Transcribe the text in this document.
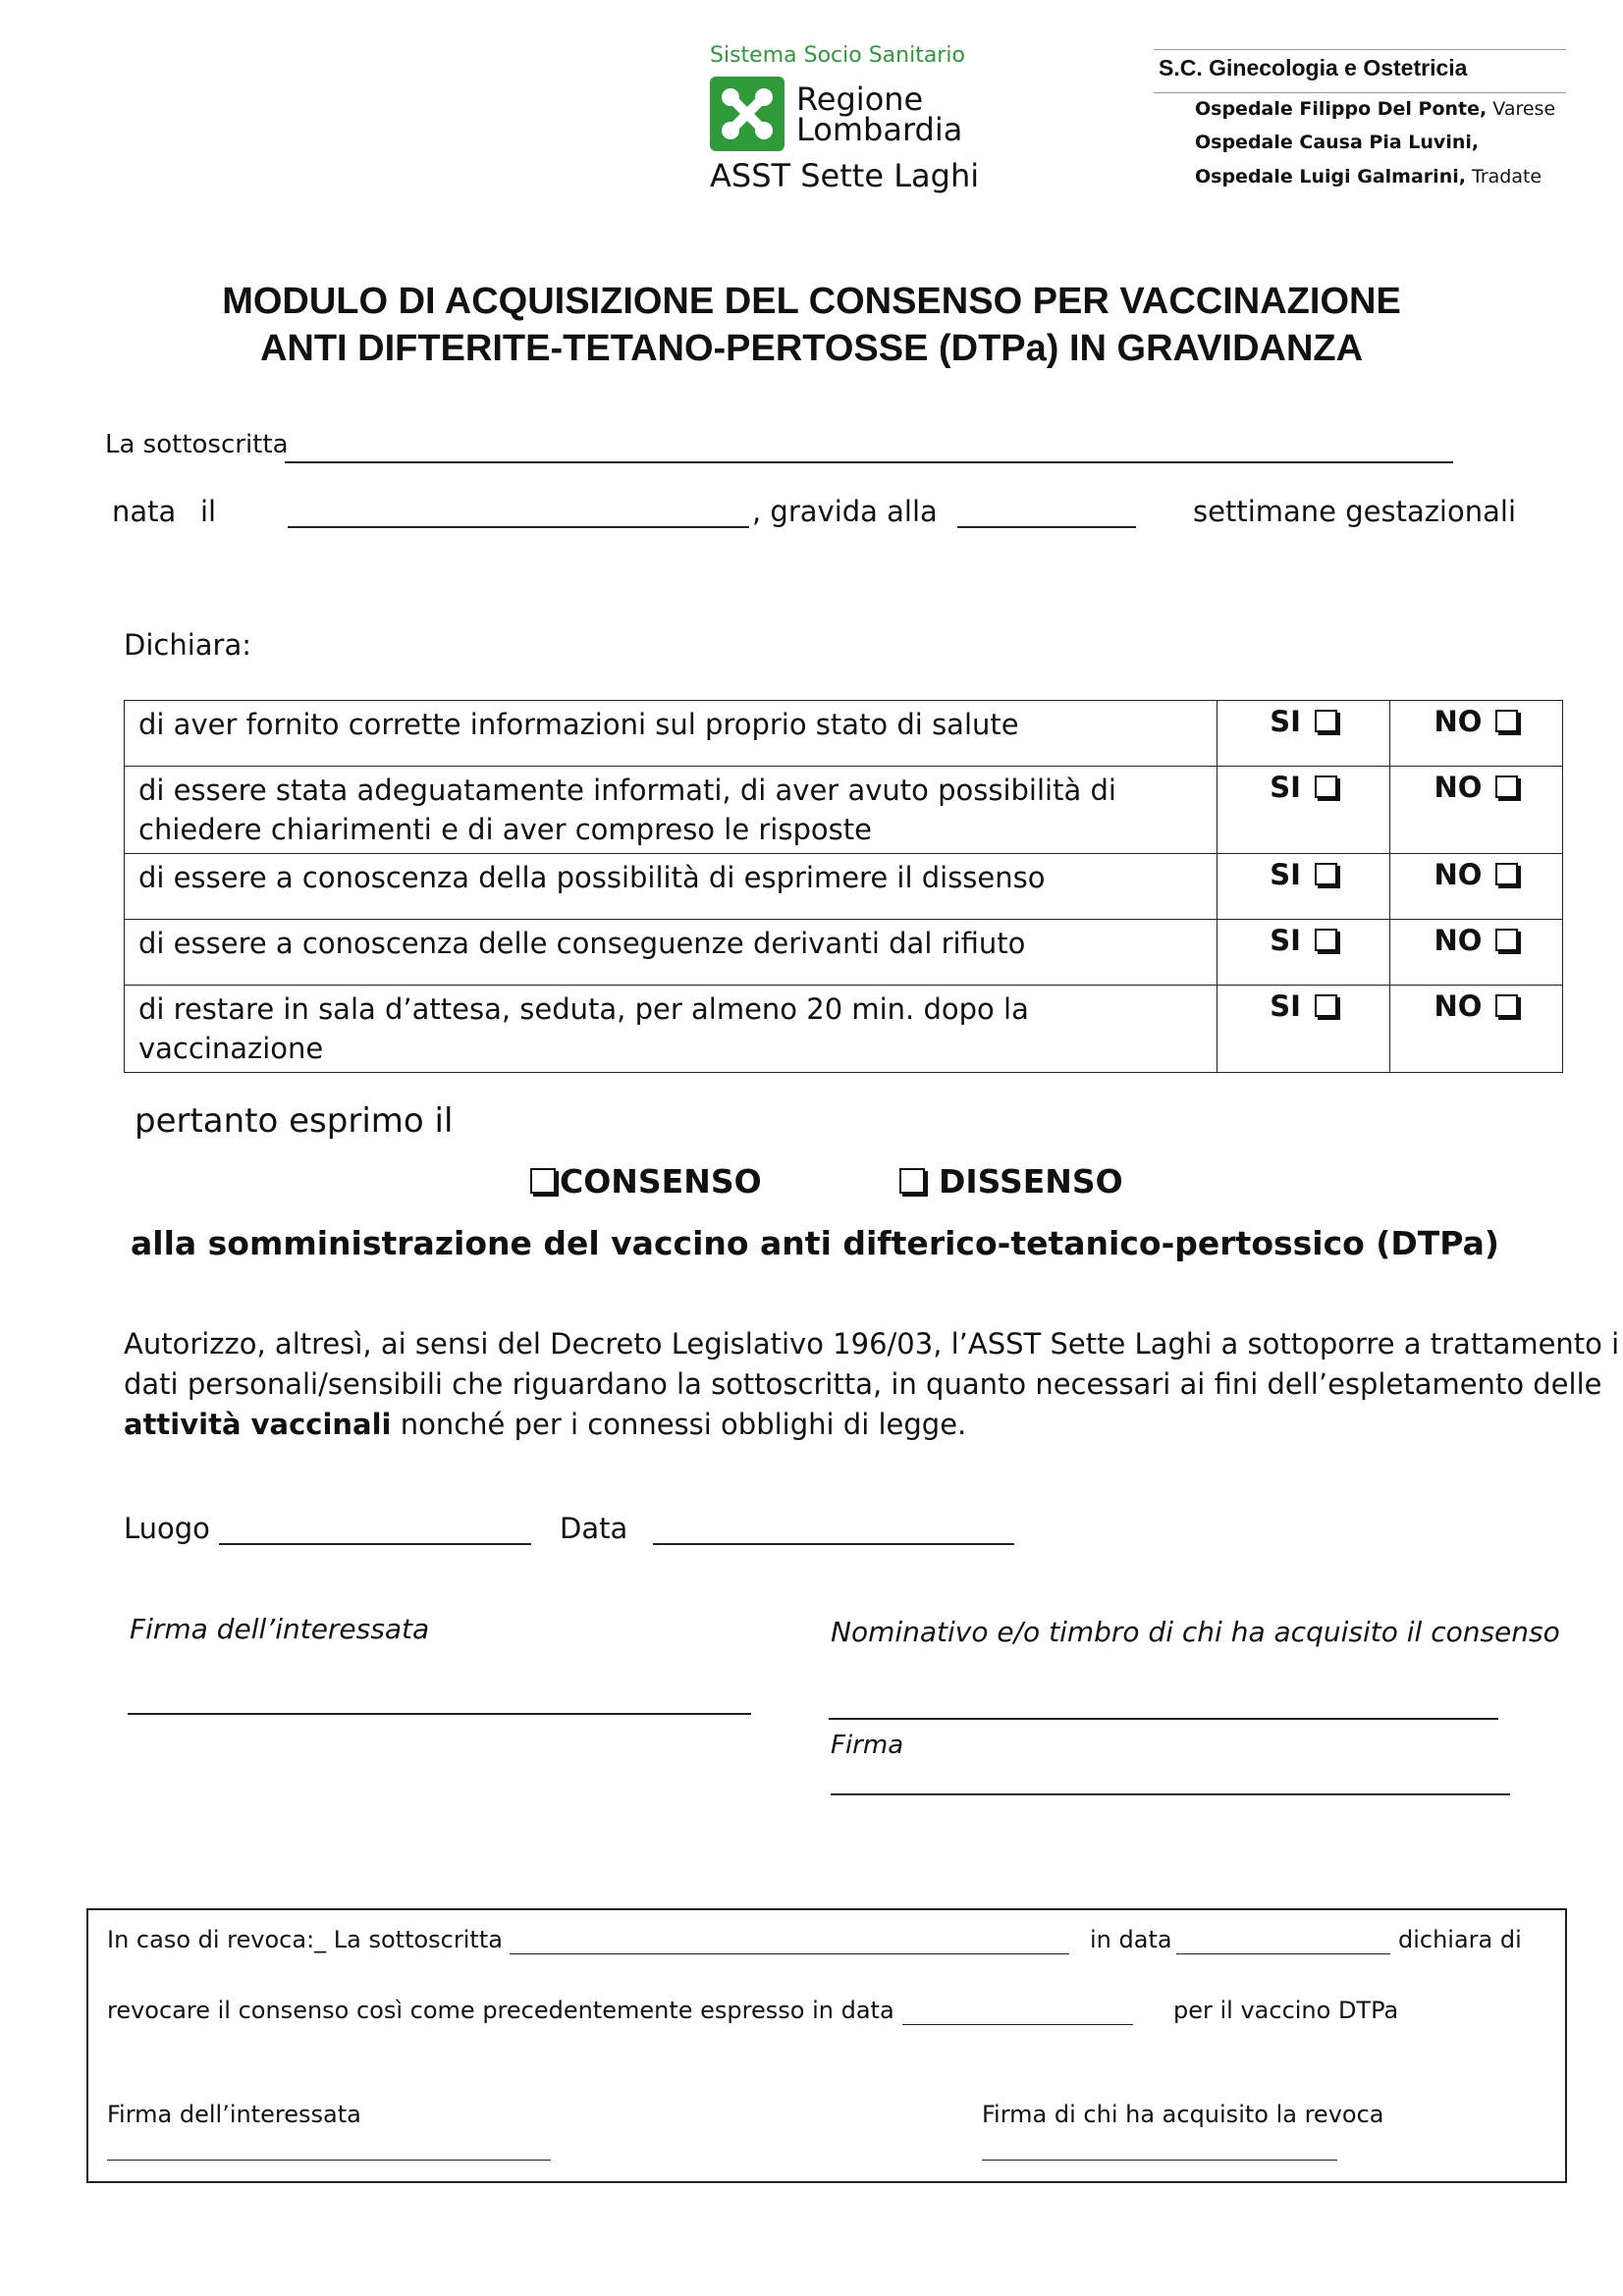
Sistema Socio Sanitario
Regione
Lombardia
ASST Sette Laghi
S.C. Ginecologia e Ostetricia
Ospedale Filippo Del Ponte, Varese
Ospedale Causa Pia Luvini,
Ospedale Luigi Galmarini, Tradate
MODULO DI ACQUISIZIONE DEL CONSENSO PER VACCINAZIONE
ANTI DIFTERITE-TETANO-PERTOSSE (DTPa) IN GRAVIDANZA
La sottoscritta
nata il	, gravida alla	settimane gestazionali
Dichiara:
di aver fornito corrette informazioni sul proprio stato di salute	SI	NO
di essere stata adeguatamente informati, di aver avuto possibilità di chiedere chiarimenti e di aver compreso le risposte	SI	NO
di essere a conoscenza della possibilità di esprimere il dissenso	SI	NO
di essere a conoscenza delle conseguenze derivanti dal rifiuto	SI	NO
di restare in sala d’attesa, seduta, per almeno 20 min. dopo la vaccinazione	SI	NO
pertanto esprimo il
CONSENSO	DISSENSO
alla somministrazione del vaccino anti difterico-tetanico-pertossico (DTPa)
Autorizzo, altresì, ai sensi del Decreto Legislativo 196/03, l’ASST Sette Laghi a sottoporre a trattamento i
dati personali/sensibili che riguardano la sottoscritta, in quanto necessari ai fini dell’espletamento delle
attività vaccinali nonché per i connessi obblighi di legge.
Luogo	Data
Firma dell’interessata	Nominativo e/o timbro di chi ha acquisito il consenso
Firma
In caso di revoca:_ La sottoscritta	in data	dichiara di
revocare il consenso così come precedentemente espresso in data	per il vaccino DTPa
Firma dell’interessata	Firma di chi ha acquisito la revoca
